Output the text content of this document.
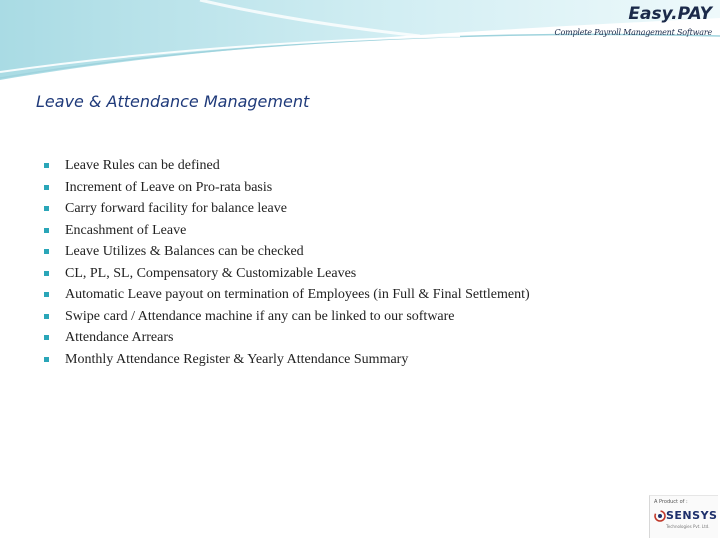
Easy.PAY
Complete Payroll Management Software
Leave & Attendance Management
Leave Rules can be defined
Increment of Leave on Pro-rata basis
Carry forward facility for balance leave
Encashment of Leave
Leave Utilizes & Balances can be checked
CL, PL, SL, Compensatory & Customizable Leaves
Automatic Leave payout on termination of Employees (in Full & Final Settlement)
Swipe card / Attendance machine if any can be linked to our software
Attendance Arrears
Monthly Attendance Register & Yearly Attendance Summary
A Product of :
SENSYS
Technologies Pvt. Ltd.
